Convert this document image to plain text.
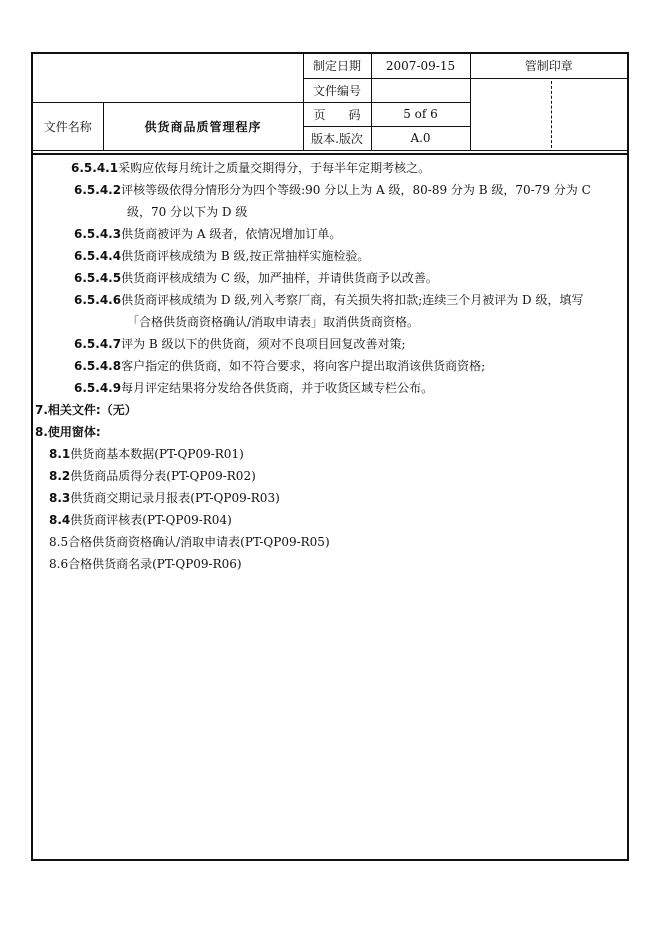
		制定日期	2007-09-15	管制印章
		文件编号		

文件名称	供货商品质管理程序	页 码	5 of 6	
		版本.版次	A.0	
6.5.4.1采购应依每月统计之质量交期得分，于每半年定期考核之。
6.5.4.2评核等级依得分情形分为四个等级:90 分以上为 A 级，80-89 分为 B 级，70-79 分为 C
级，70 分以下为 D 级
6.5.4.3供货商被评为 A 级者，依情况增加订单。
6.5.4.4供货商评核成绩为 B 级,按正常抽样实施检验。
6.5.4.5供货商评核成绩为 C 级，加严抽样，并请供货商予以改善。
6.5.4.6供货商评核成绩为 D 级,列入考察厂商，有关损失将扣款;连续三个月被评为 D 级，填写
「合格供货商资格确认/消取申请表」取消供货商资格。
6.5.4.7评为 B 级以下的供货商，须对不良项目回复改善对策;
6.5.4.8客户指定的供货商，如不符合要求，将向客户提出取消该供货商资格;
6.5.4.9每月评定结果将分发给各供货商，并于收货区域专栏公布。
7.相关文件:（无）
8.使用窗体:
8.1供货商基本数据(PT-QP09-R01)
8.2供货商品质得分表(PT-QP09-R02)
8.3供货商交期记录月报表(PT-QP09-R03)
8.4供货商评核表(PT-QP09-R04)
8.5合格供货商资格确认/消取申请表(PT-QP09-R05)
8.6合格供货商名录(PT-QP09-R06)
